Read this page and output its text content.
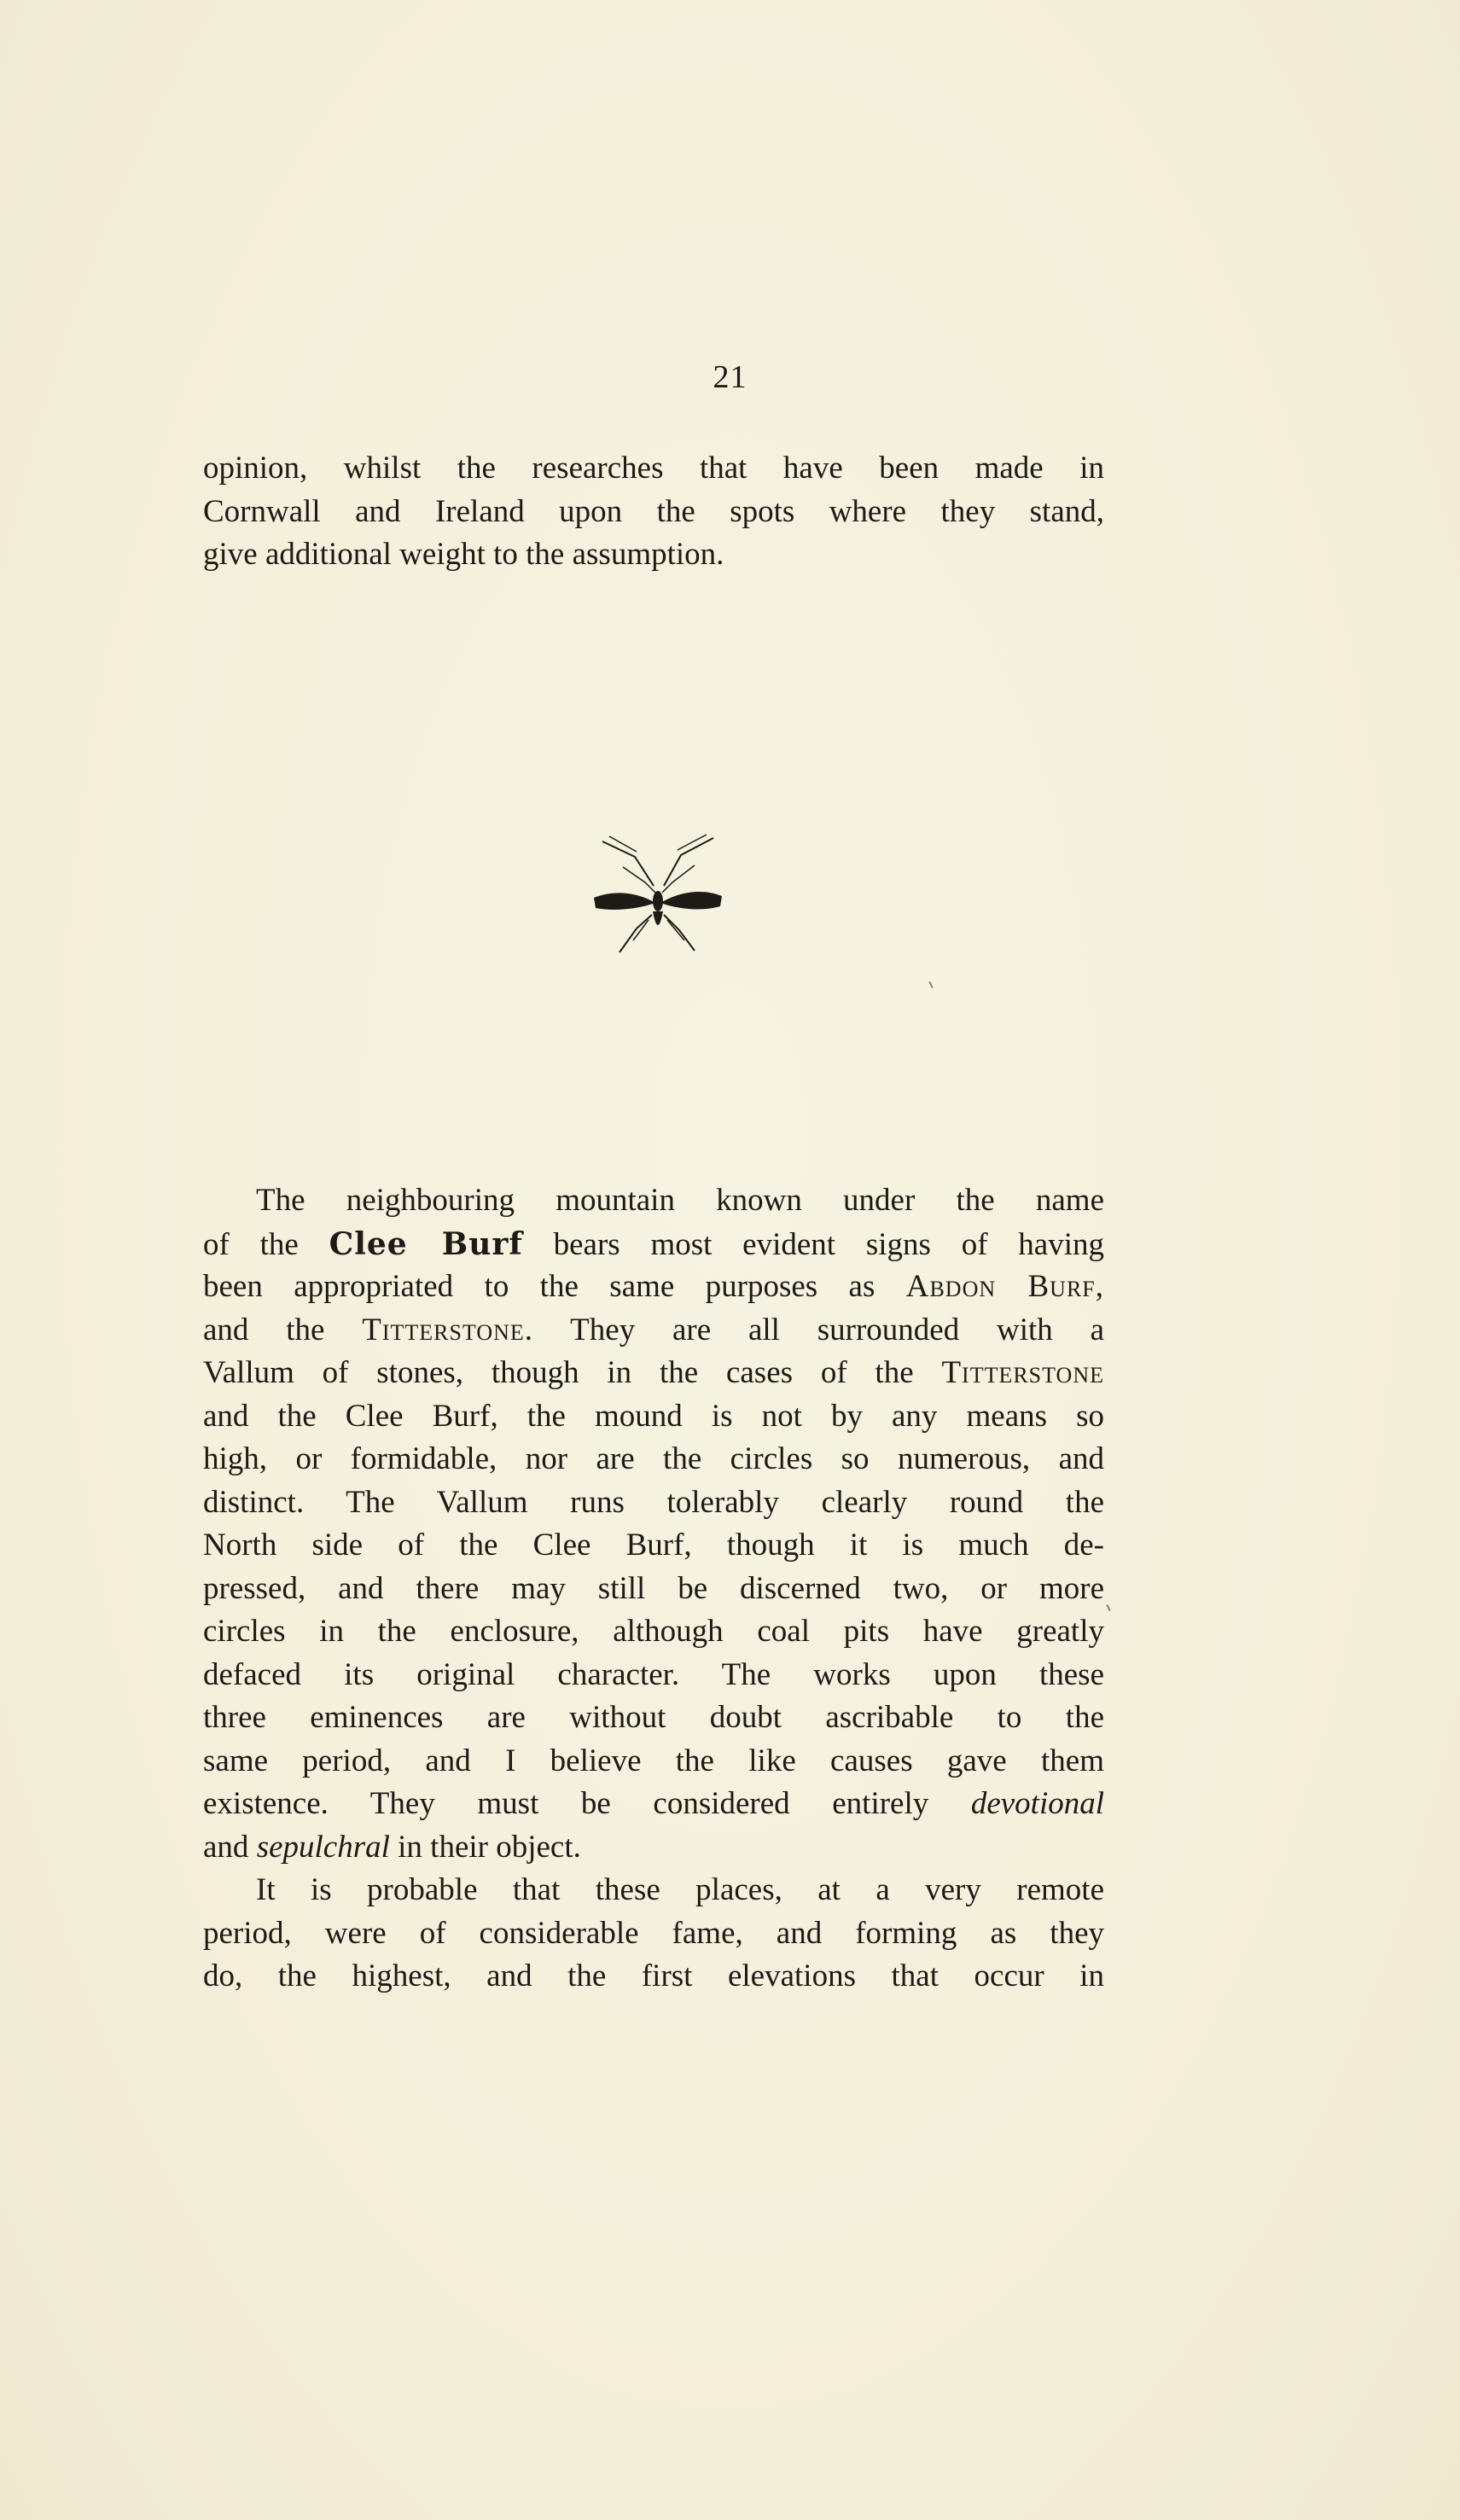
21
opinion, whilst the researches that have been made in
Cornwall and Ireland upon the spots where they stand,
give additional weight to the assumption.
The neighbouring mountain known under the name
of the Clee Burf bears most evident signs of having
been appropriated to the same purposes as Abdon Burf,
and the Titterstone. They are all surrounded with a
Vallum of stones, though in the cases of the Titterstone
and the Clee Burf, the mound is not by any means so
high, or formidable, nor are the circles so numerous, and
distinct. The Vallum runs tolerably clearly round the
North side of the Clee Burf, though it is much de-
pressed, and there may still be discerned two, or more
circles in the enclosure, although coal pits have greatly
defaced its original character. The works upon these
three eminences are without doubt ascribable to the
same period, and I believe the like causes gave them
existence. They must be considered entirely devotional
and sepulchral in their object.
It is probable that these places, at a very remote
period, were of considerable fame, and forming as they
do, the highest, and the first elevations that occur in
